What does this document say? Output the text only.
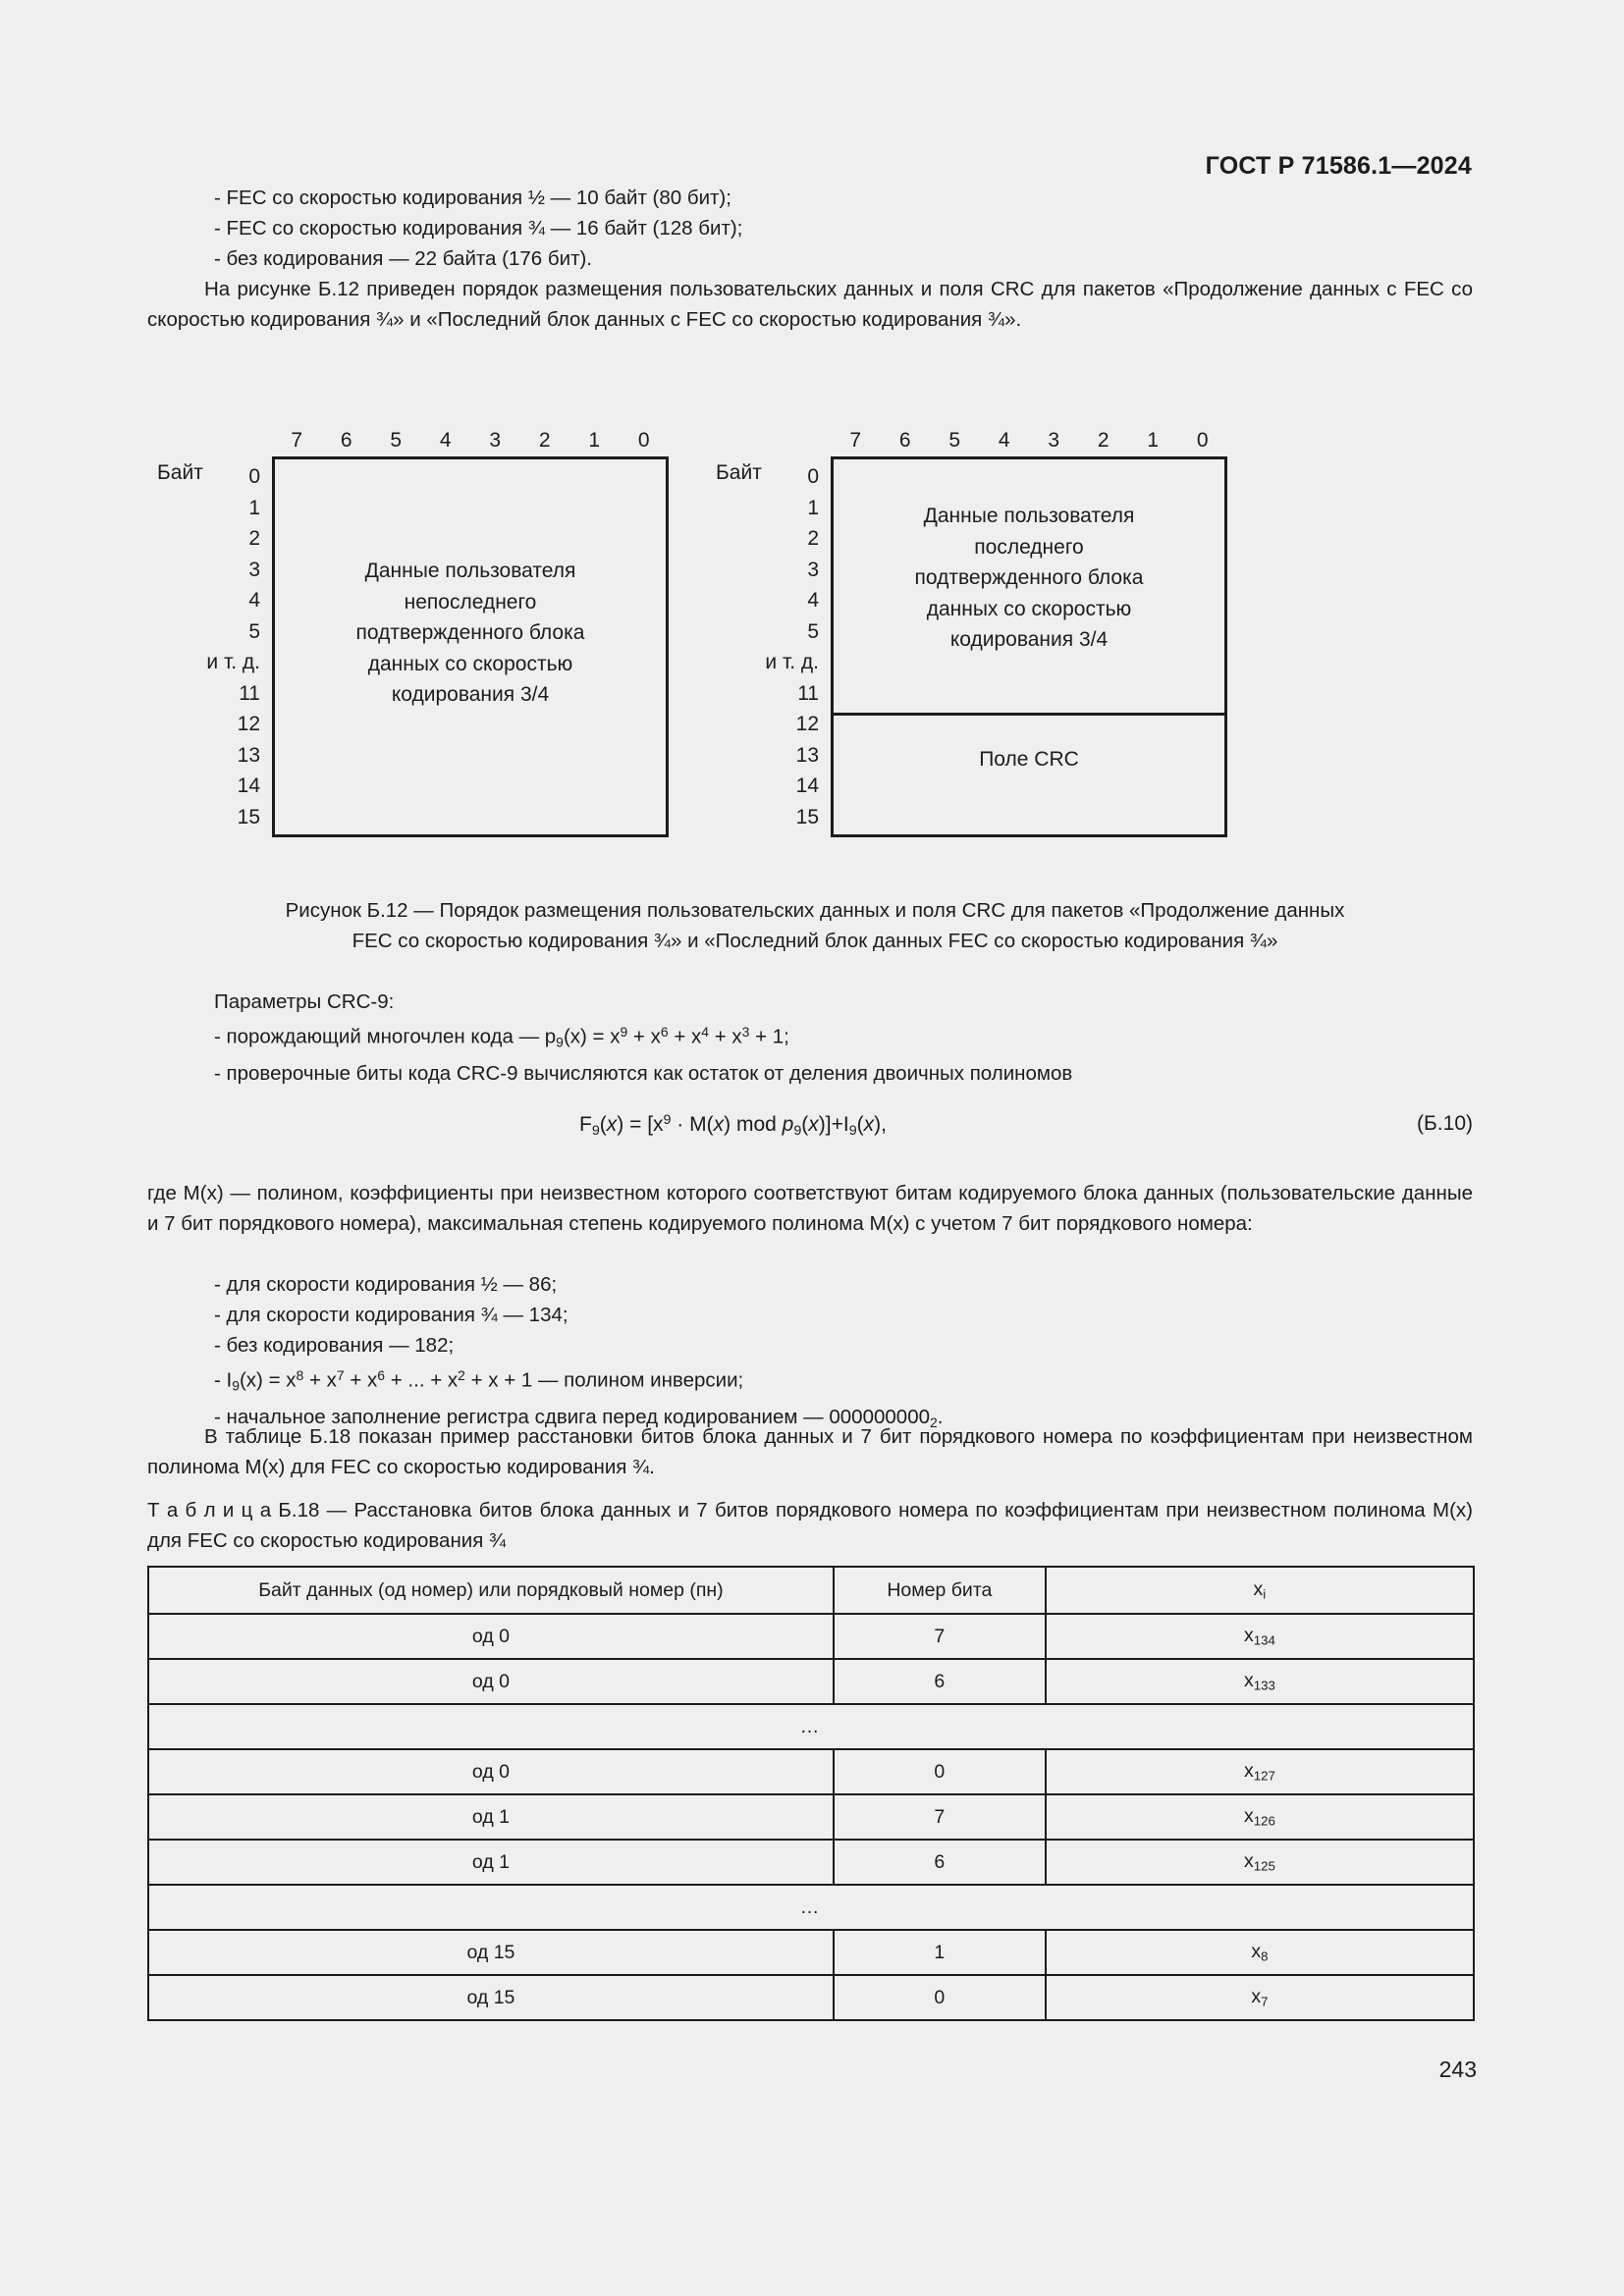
ГОСТ Р 71586.1—2024
- FEC со скоростью кодирования ½ — 10 байт (80 бит);
- FEC со скоростью кодирования ¾ — 16 байт (128 бит);
- без кодирования — 22 байта (176 бит).
На рисунке Б.12 приведен порядок размещения пользовательских данных и поля CRC для пакетов «Продолжение данных с FEC со скоростью кодирования ¾» и «Последний блок данных с FEC со скоростью кодирования ¾».
7	6	5	4	3	2	1	0
Байт	0
1
2
3
4
5
и т. д.
11
12
13
14
15
Данные пользователя
непоследнего
подтвержденного блока
данных со скоростью
кодирования 3/4
7	6	5	4	3	2	1	0
Байт	0
1
2
3
4
5
и т. д.
11
12
13
14
15
Данные пользователя
последнего
подтвержденного блока
данных со скоростью
кодирования 3/4
Поле CRC
Рисунок Б.12 — Порядок размещения пользовательских данных и поля CRC для пакетов «Продолжение данных
FEC со скоростью кодирования ¾» и «Последний блок данных FEC со скоростью кодирования ¾»
Параметры CRC-9:
- порождающий многочлен кода — $p_9(x) = x^9 + x^6 + x^4 + x^3 + 1$;
- проверочные биты кода CRC-9 вычисляются как остаток от деления двоичных полиномов
$F_9(x) = [x^9 \cdot M(x)$ mod $p_9(x)]+I_9(x)$,	(Б.10)
где M(x) — полином, коэффициенты при неизвестном которого соответствуют битам кодируемого блока данных (пользовательские данные и 7 бит порядкового номера), максимальная степень кодируемого полинома M(x) с учетом 7 бит порядкового номера:
- для скорости кодирования ½ — 86;
- для скорости кодирования ¾ — 134;
- без кодирования — 182;
- $I_9(x) = x^8 + x^7 + x^6$ + ... + $x^2 + x + 1$ — полином инверсии;
- начальное заполнение регистра сдвига перед кодированием — $000000000_2$.
В таблице Б.18 показан пример расстановки битов блока данных и 7 бит порядкового номера по коэффициентам при неизвестном полинома M(x) для FEC со скоростью кодирования ¾.
Т а б л и ц а Б.18 — Расстановка битов блока данных и 7 битов порядкового номера по коэффициентам при неизвестном полинома M(x) для FEC со скоростью кодирования ¾
Байт данных (од номер) или порядковый номер (пн)	Номер бита	$x_i$
од 0	7	$x_{134}$
од 0	6	$x_{133}$
…		
од 0	0	$x_{127}$
од 1	7	$x_{126}$
од 1	6	$x_{125}$
…		
од 15	1	$x_8$
од 15	0	$x_7$
243
